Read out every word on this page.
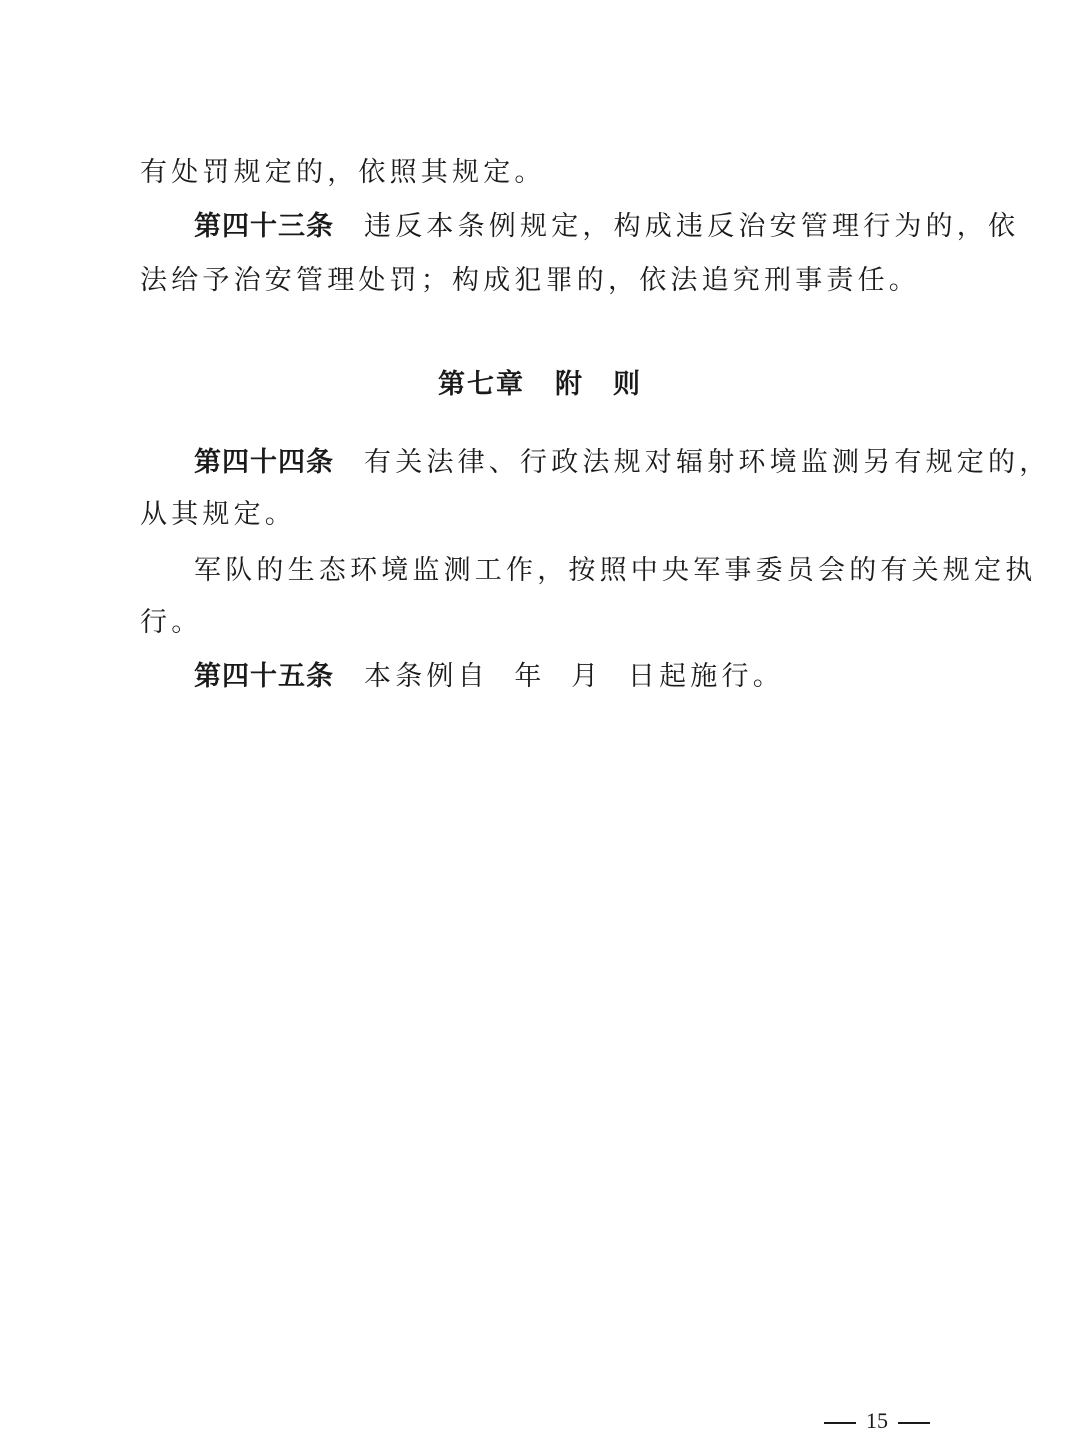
有处罚规定的，依照其规定。
第四十三条 违反本条例规定，构成违反治安管理行为的，依
法给予治安管理处罚；构成犯罪的，依法追究刑事责任。
第七章 附　则
第四十四条 有关法律、行政法规对辐射环境监测另有规定的，
从其规定。
军队的生态环境监测工作，按照中央军事委员会的有关规定执
行。
第四十五条 本条例自  年  月  日起施行。
15
